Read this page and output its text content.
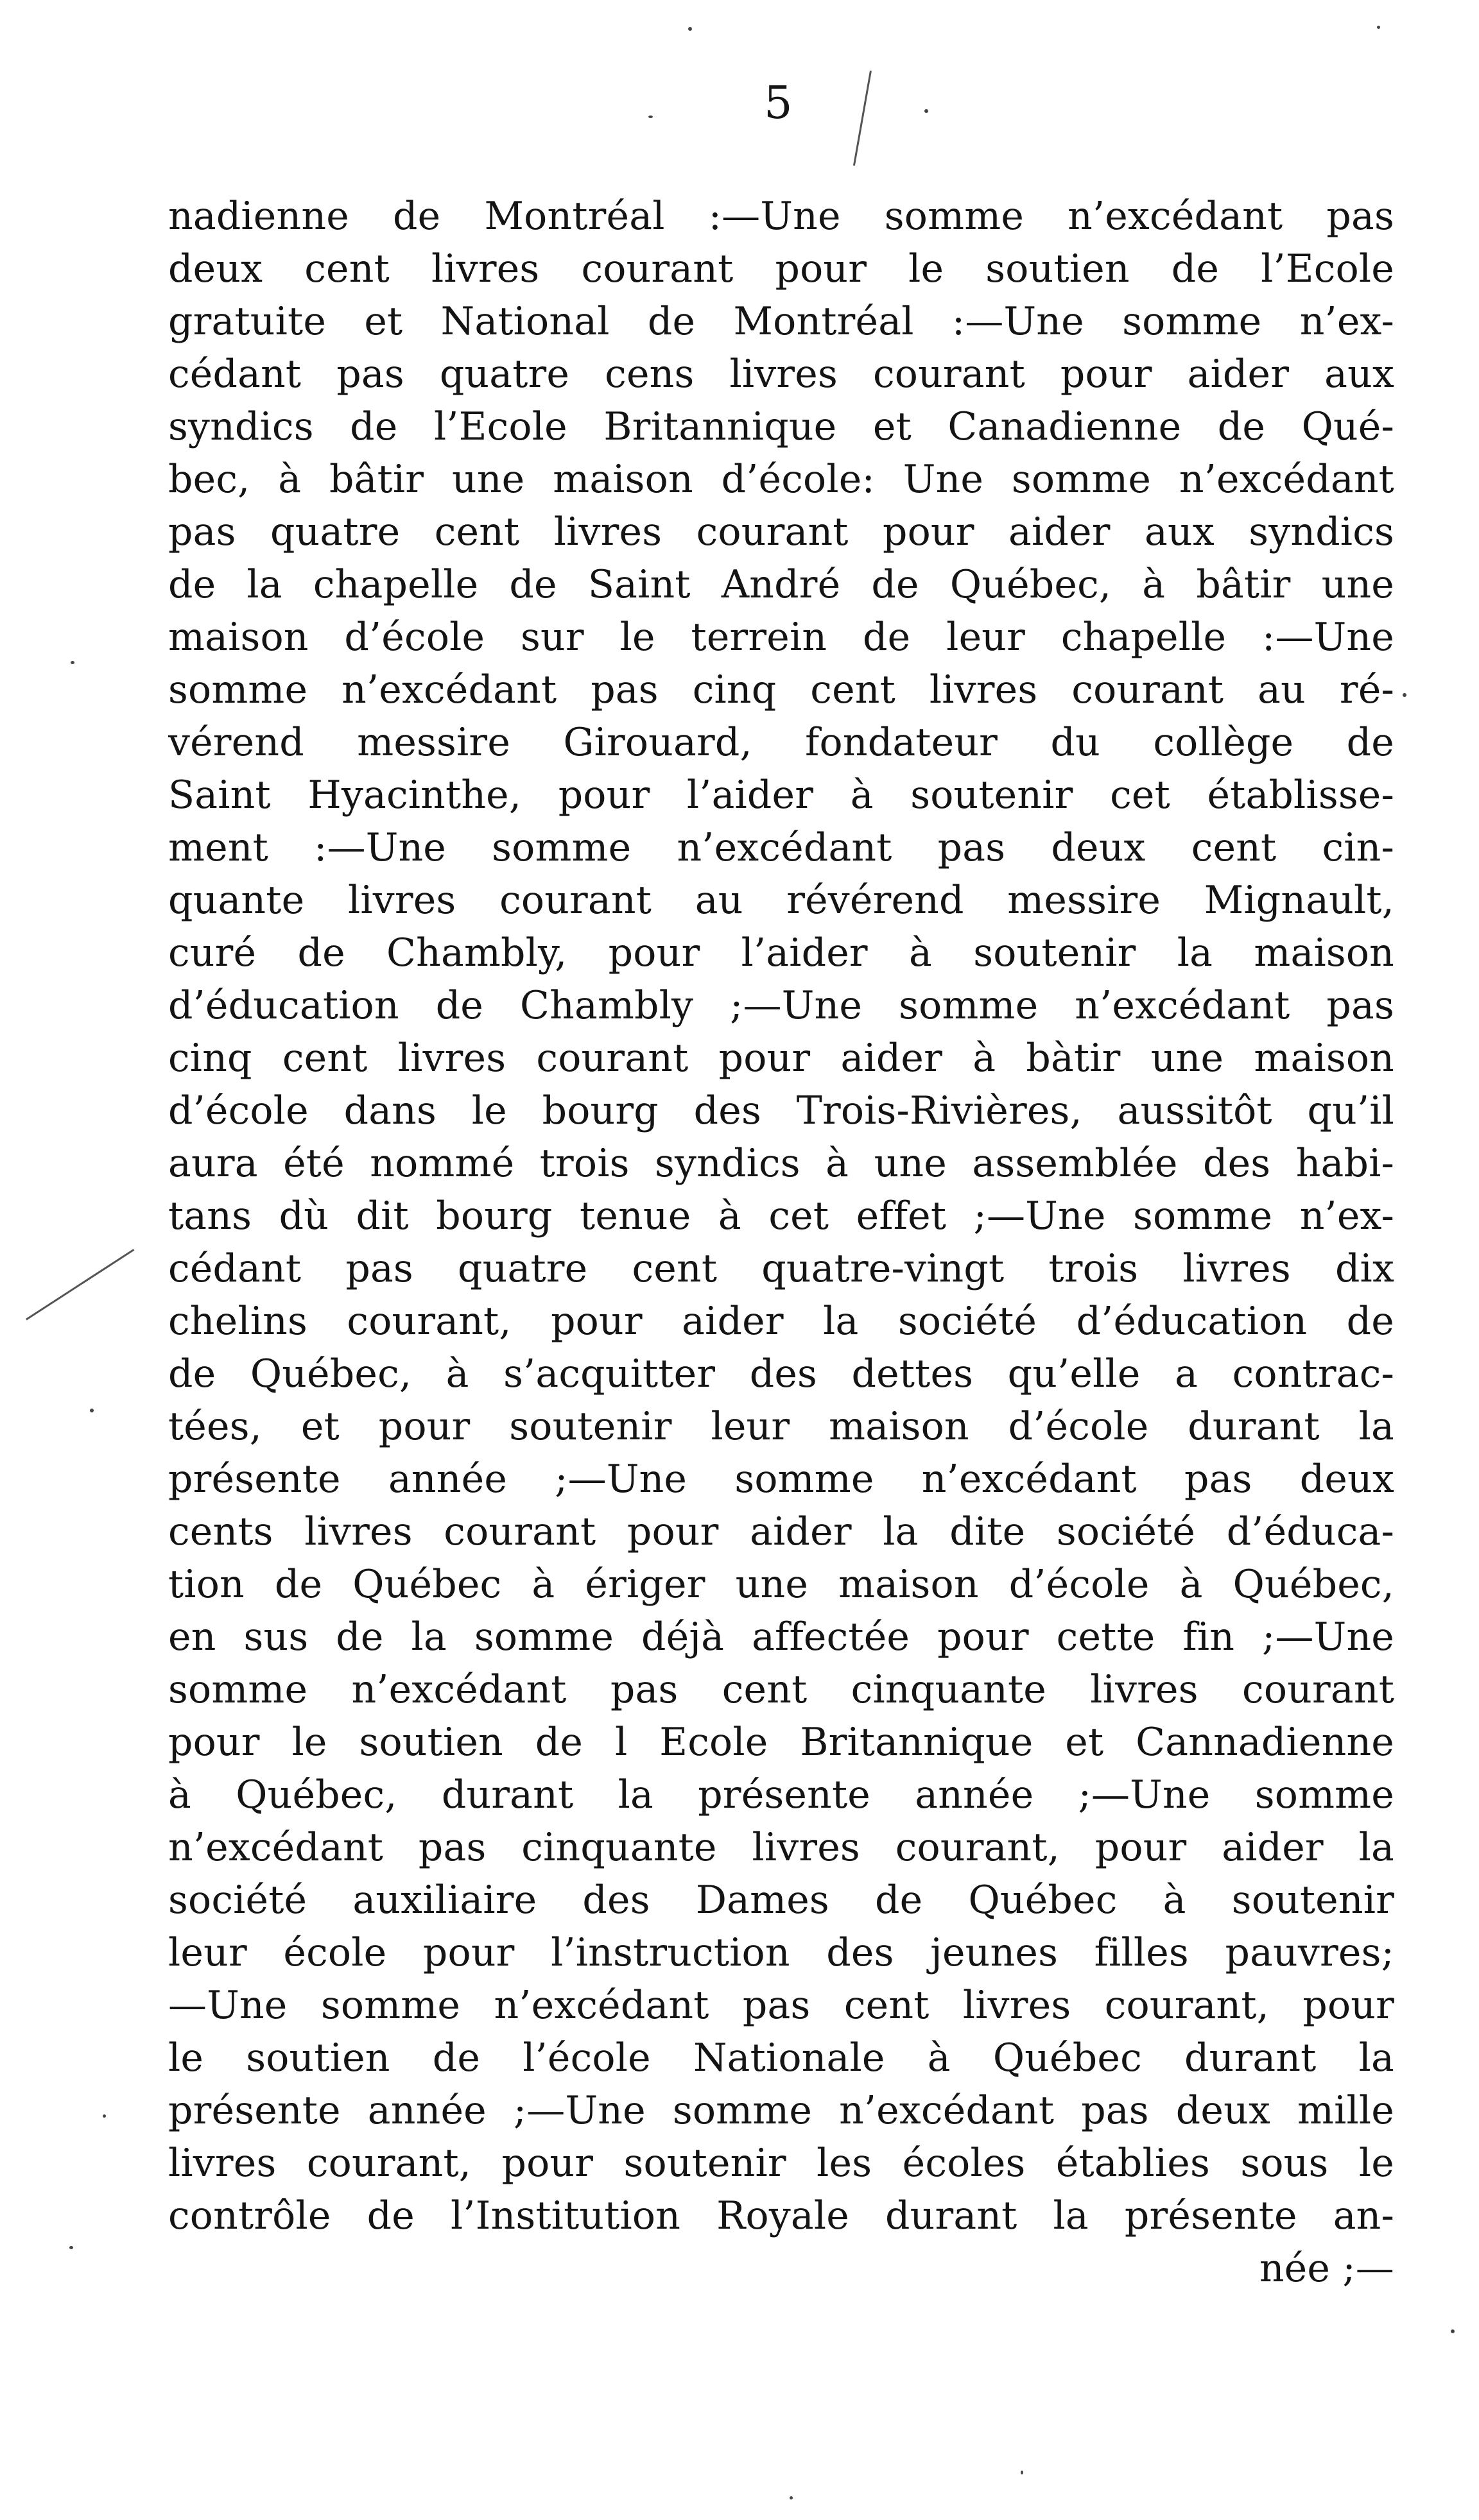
5
nadienne de Montréal :—Une somme n’excédant pas
deux cent livres courant pour le soutien de l’Ecole
gratuite et National de Montréal :—Une somme n’ex-
cédant pas quatre cens livres courant pour aider aux
syndics de l’Ecole Britannique et Canadienne de Qué-
bec, à bâtir une maison d’école: Une somme n’excédant
pas quatre cent livres courant pour aider aux syndics
de la chapelle de Saint André de Québec, à bâtir une
maison d’école sur le terrein de leur chapelle :—Une
somme n’excédant pas cinq cent livres courant au ré-
vérend messire Girouard, fondateur du collège de
Saint Hyacinthe, pour l’aider à soutenir cet établisse-
ment :—Une somme n’excédant pas deux cent cin-
quante livres courant au révérend messire Mignault,
curé de Chambly, pour l’aider à soutenir la maison
d’éducation de Chambly ;—Une somme n’excédant pas
cinq cent livres courant pour aider à bàtir une maison
d’école dans le bourg des Trois-Rivières, aussitôt qu’il
aura été nommé trois syndics à une assemblée des habi-
tans dù dit bourg tenue à cet effet ;—Une somme n’ex-
cédant pas quatre cent quatre-vingt trois livres dix
chelins courant, pour aider la société d’éducation de
de Québec, à s’acquitter des dettes qu’elle a contrac-
tées, et pour soutenir leur maison d’école durant la
présente année ;—Une somme n’excédant pas deux
cents livres courant pour aider la dite société d’éduca-
tion de Québec à ériger une maison d’école à Québec,
en sus de la somme déjà affectée pour cette fin ;—Une
somme n’excédant pas cent cinquante livres courant
pour le soutien de l Ecole Britannique et Cannadienne
à Québec, durant la présente année ;—Une somme
n’excédant pas cinquante livres courant, pour aider la
société auxiliaire des Dames de Québec à soutenir
leur école pour l’instruction des jeunes filles pauvres;
—Une somme n’excédant pas cent livres courant, pour
le soutien de l’école Nationale à Québec durant la
présente année ;—Une somme n’excédant pas deux mille
livres courant, pour soutenir les écoles établies sous le
contrôle de l’Institution Royale durant la présente an-
née ;—
